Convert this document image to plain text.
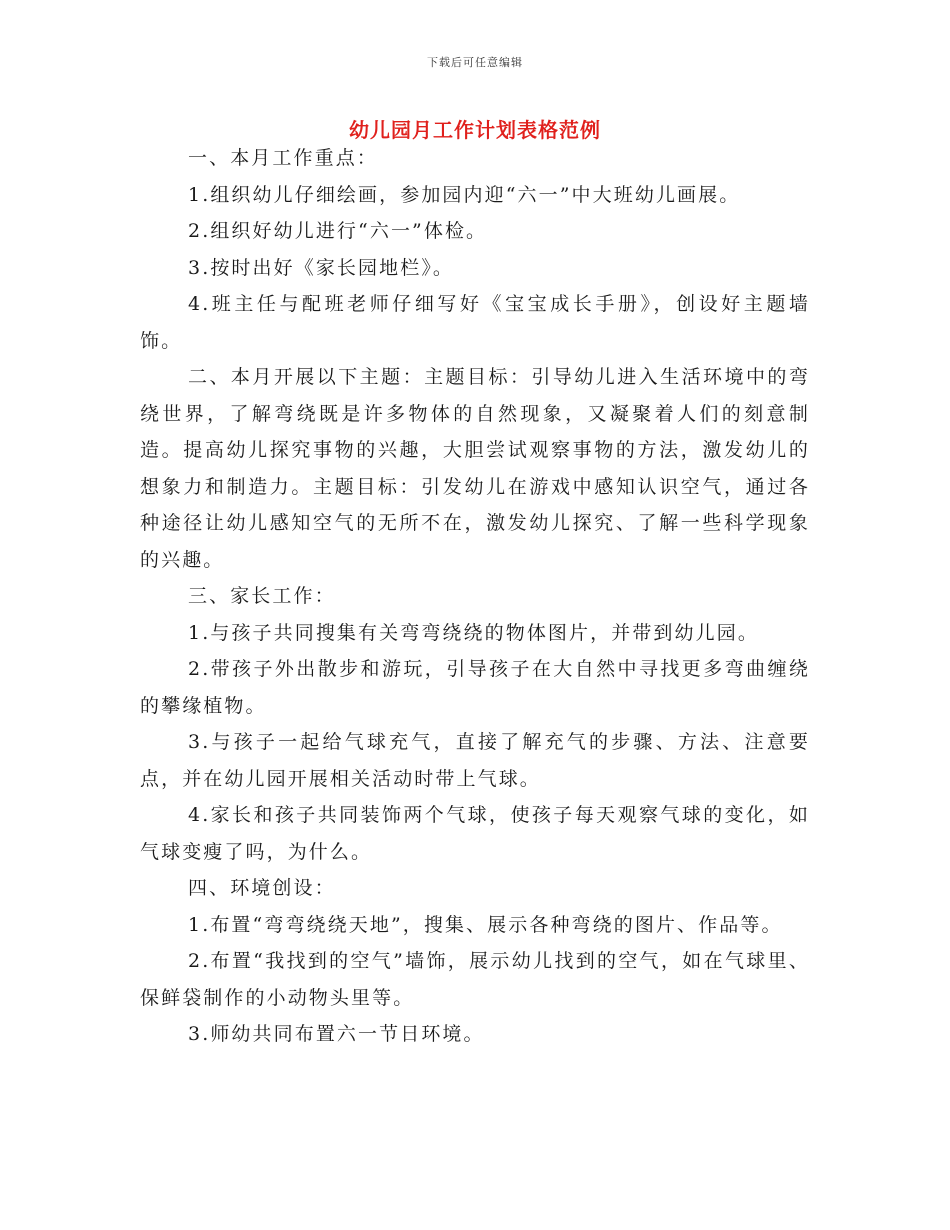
下载后可任意编辑
幼儿园月工作计划表格范例

一、本月工作重点：

1.组织幼儿仔细绘画，参加园内迎“六一”中大班幼儿画展。

2.组织好幼儿进行“六一”体检。

3.按时出好《家长园地栏》。

4.班主任与配班老师仔细写好《宝宝成长手册》，创设好主题墙饰。

二、本月开展以下主题：主题目标：引导幼儿进入生活环境中的弯绕世界，了解弯绕既是许多物体的自然现象，又凝聚着人们的刻意制造。提高幼儿探究事物的兴趣，大胆尝试观察事物的方法，激发幼儿的想象力和制造力。主题目标：引发幼儿在游戏中感知认识空气，通过各种途径让幼儿感知空气的无所不在，激发幼儿探究、了解一些科学现象的兴趣。

三、家长工作：

1.与孩子共同搜集有关弯弯绕绕的物体图片，并带到幼儿园。

2.带孩子外出散步和游玩，引导孩子在大自然中寻找更多弯曲缠绕的攀缘植物。

3.与孩子一起给气球充气，直接了解充气的步骤、方法、注意要点，并在幼儿园开展相关活动时带上气球。

4.家长和孩子共同装饰两个气球，使孩子每天观察气球的变化，如气球变瘦了吗，为什么。

四、环境创设：

1.布置“弯弯绕绕天地”，搜集、展示各种弯绕的图片、作品等。

2.布置“我找到的空气”墙饰，展示幼儿找到的空气，如在气球里、保鲜袋制作的小动物头里等。

3.师幼共同布置六一节日环境。
